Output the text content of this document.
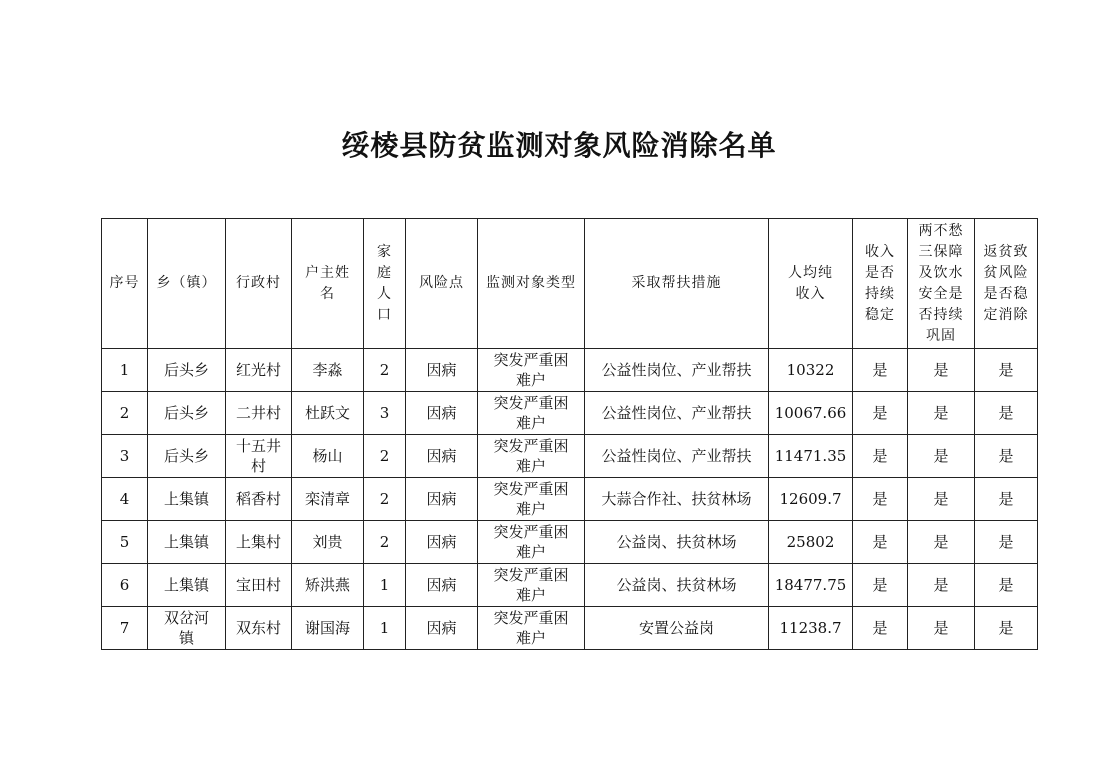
绥棱县防贫监测对象风险消除名单
序号	乡（镇）	行政村	户主姓名	家庭人口	风险点	监测对象类型	采取帮扶措施	人均纯收入	收入是否持续稳定	两不愁三保障及饮水安全是否持续巩固	返贫致贫风险是否稳定消除
1	后头乡	红光村	李淼	2	因病	突发严重困难户	公益性岗位、产业帮扶	10322	是	是	是
2	后头乡	二井村	杜跃文	3	因病	突发严重困难户	公益性岗位、产业帮扶	10067.66	是	是	是
3	后头乡	十五井村	杨山	2	因病	突发严重困难户	公益性岗位、产业帮扶	11471.35	是	是	是
4	上集镇	稻香村	栾清章	2	因病	突发严重困难户	大蒜合作社、扶贫林场	12609.7	是	是	是
5	上集镇	上集村	刘贵	2	因病	突发严重困难户	公益岗、扶贫林场	25802	是	是	是
6	上集镇	宝田村	矫洪燕	1	因病	突发严重困难户	公益岗、扶贫林场	18477.75	是	是	是
7	双岔河镇	双东村	谢国海	1	因病	突发严重困难户	安置公益岗	11238.7	是	是	是
